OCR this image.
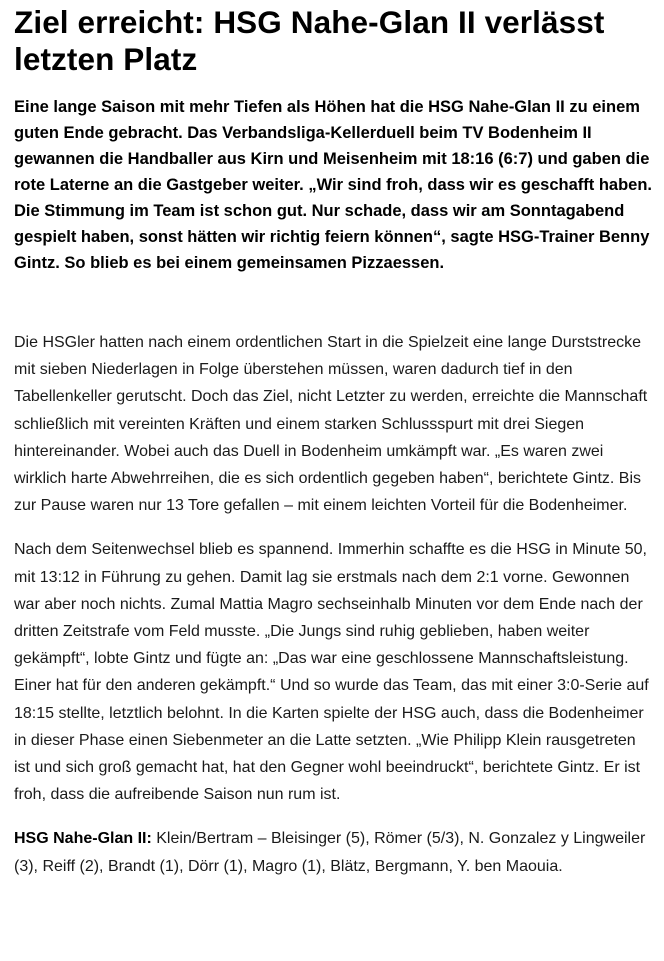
Ziel erreicht: HSG Nahe-Glan II verlässt letzten Platz

Eine lange Saison mit mehr Tiefen als Höhen hat die HSG Nahe-Glan II zu einem guten Ende gebracht. Das Verbandsliga-Kellerduell beim TV Bodenheim II gewannen die Handballer aus Kirn und Meisenheim mit 18:16 (6:7) und gaben die rote Laterne an die Gastgeber weiter. „Wir sind froh, dass wir es geschafft haben. Die Stimmung im Team ist schon gut. Nur schade, dass wir am Sonntagabend gespielt haben, sonst hätten wir richtig feiern können“, sagte HSG-Trainer Benny Gintz. So blieb es bei einem gemeinsamen Pizzaessen.

Die HSGler hatten nach einem ordentlichen Start in die Spielzeit eine lange Durststrecke mit sieben Niederlagen in Folge überstehen müssen, waren dadurch tief in den Tabellenkeller gerutscht. Doch das Ziel, nicht Letzter zu werden, erreichte die Mannschaft schließlich mit vereinten Kräften und einem starken Schlussspurt mit drei Siegen hintereinander. Wobei auch das Duell in Bodenheim umkämpft war. „Es waren zwei wirklich harte Abwehrreihen, die es sich ordentlich gegeben haben“, berichtete Gintz. Bis zur Pause waren nur 13 Tore gefallen – mit einem leichten Vorteil für die Bodenheimer.

Nach dem Seitenwechsel blieb es spannend. Immerhin schaffte es die HSG in Minute 50, mit 13:12 in Führung zu gehen. Damit lag sie erstmals nach dem 2:1 vorne. Gewonnen war aber noch nichts. Zumal Mattia Magro sechseinhalb Minuten vor dem Ende nach der dritten Zeitstrafe vom Feld musste. „Die Jungs sind ruhig geblieben, haben weiter gekämpft“, lobte Gintz und fügte an: „Das war eine geschlossene Mannschaftsleistung. Einer hat für den anderen gekämpft.“ Und so wurde das Team, das mit einer 3:0-Serie auf 18:15 stellte, letztlich belohnt. In die Karten spielte der HSG auch, dass die Bodenheimer in dieser Phase einen Siebenmeter an die Latte setzten. „Wie Philipp Klein rausgetreten ist und sich groß gemacht hat, hat den Gegner wohl beeindruckt“, berichtete Gintz. Er ist froh, dass die aufreibende Saison nun rum ist.

HSG Nahe-Glan II: Klein/Bertram – Bleisinger (5), Römer (5/3), N. Gonzalez y Lingweiler (3), Reiff (2), Brandt (1), Dörr (1), Magro (1), Blätz, Bergmann, Y. ben Maouia.
